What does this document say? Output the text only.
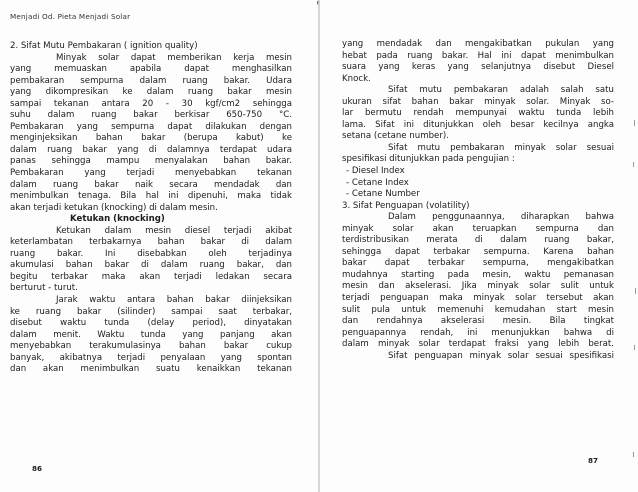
Menjadi Od. Pieta Menjadi Solar
2. Sifat Mutu Pembakaran ( ignition quality)
Minyak solar dapat memberikan kerja mesin
yang memuaskan apabila dapat menghasilkan
pembakaran sempurna dalam ruang bakar. Udara
yang dikompresikan ke dalam ruang bakar mesin
sampai tekanan antara 20 - 30 kgf/cm2 sehingga
suhu dalam ruang bakar berkisar 650-750 °C.
Pembakaran yang sempurna dapat dilakukan dengan
menginjeksikan bahan bakar (berupa kabut) ke
dalam ruang bakar yang di dalamnya terdapat udara
panas sehingga mampu menyalakan bahan bakar.
Pembakaran yang terjadi menyebabkan tekanan
dalam ruang bakar naik secara mendadak dan
menimbulkan tenaga. Bila hal ini dipenuhi, maka tidak
akan terjadi ketukan (knocking) di dalam mesin.
Ketukan (knocking)
Ketukan dalam mesin diesel terjadi akibat
keterlambatan terbakarnya bahan bakar di dalam
ruang bakar. Ini disebabkan oleh terjadinya
akumulasi bahan bakar di dalam ruang bakar, dan
begitu terbakar maka akan terjadi ledakan secara
berturut - turut.
Jarak waktu antara bahan bakar diinjeksikan
ke ruang bakar (silinder) sampai saat terbakar,
disebut waktu tunda (delay period), dinyatakan
dalam menit. Waktu tunda yang panjang akan
menyebabkan terakumulasinya bahan bakar cukup
banyak, akibatnya terjadi penyalaan yang spontan
dan akan menimbulkan suatu kenaikkan tekanan
86
'
yang mendadak dan mengakibatkan pukulan yang
hebat pada ruang bakar. Hal ini dapat menimbulkan
suara yang keras yang selanjutnya disebut Diesel
Knock.
Sifat mutu pembakaran adalah salah satu
ukuran sifat bahan bakar minyak solar. Minyak so-
lar bermutu rendah mempunyai waktu tunda lebih
lama. Sifat ini ditunjukkan oleh besar kecilnya angka
setana (cetane number).
Sifat mutu pembakaran minyak solar sesuai
spesifikasi ditunjukkan pada pengujian :
- Diesel Index
- Cetane Index
- Cetane Number
3. Sifat Penguapan (volatility)
Dalam penggunaannya, diharapkan bahwa
minyak solar akan teruapkan sempurna dan
terdistribusikan merata di dalam ruang bakar,
sehingga dapat terbakar sempurna. Karena bahan
bakar dapat terbakar sempurna, mengakibatkan
mudahnya starting pada mesin, waktu pemanasan
mesin dan akselerasi. Jika minyak solar sulit untuk
terjadi penguapan maka minyak solar tersebut akan
sulit pula untuk memenuhi kemudahan start mesin
dan rendahnya akselerasi mesin. Bila tingkat
penguapannya rendah, ini menunjukkan bahwa di
dalam minyak solar terdapat fraksi yang lebih berat.
Sifat penguapan minyak solar sesuai spesifikasi
87
